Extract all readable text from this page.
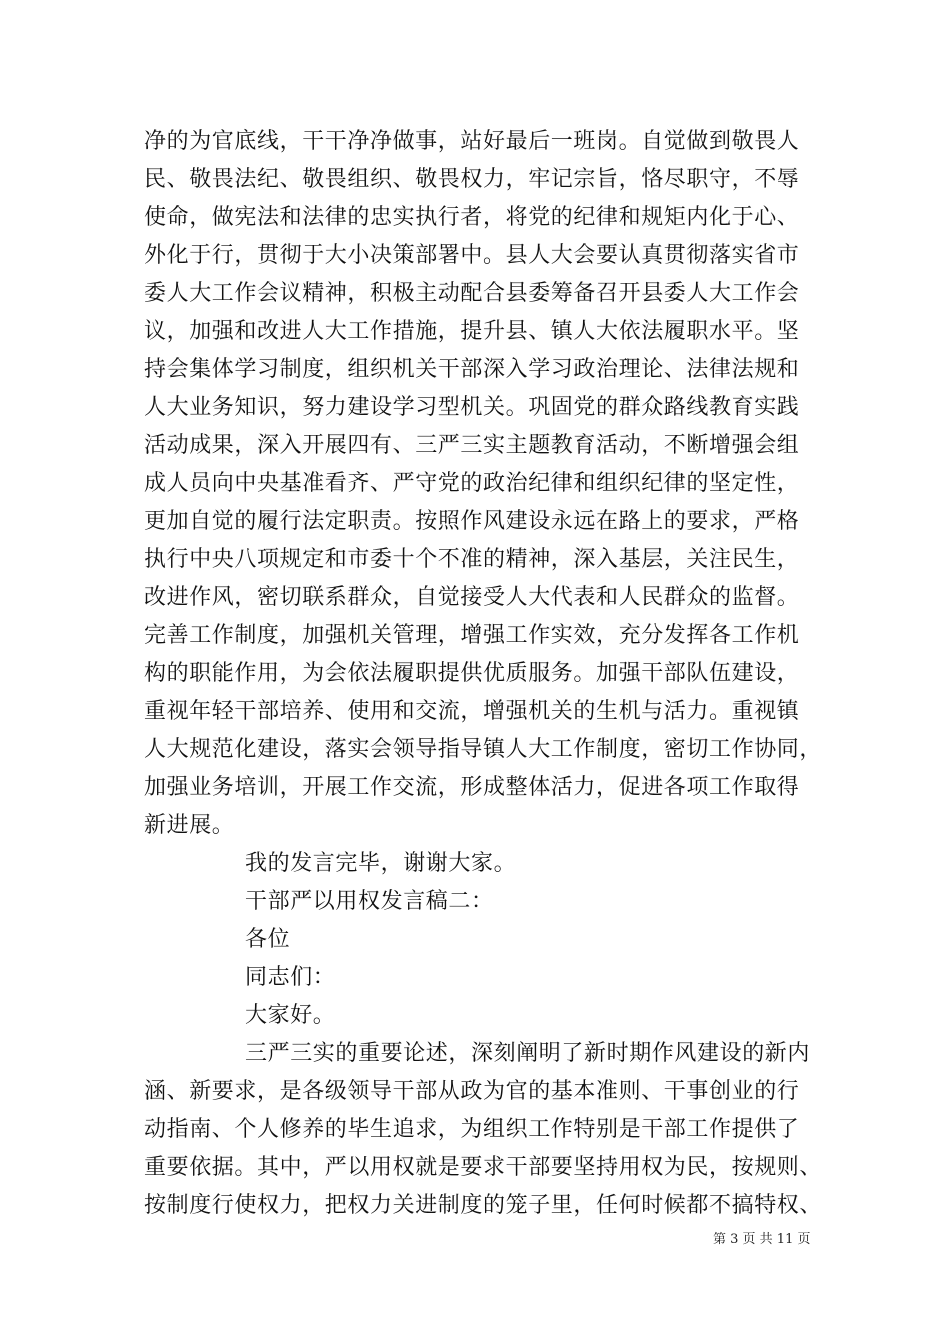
净的为官底线，干干净净做事，站好最后一班岗。自觉做到敬畏人
民、敬畏法纪、敬畏组织、敬畏权力，牢记宗旨，恪尽职守，不辱
使命，做宪法和法律的忠实执行者，将党的纪律和规矩内化于心、
外化于行，贯彻于大小决策部署中。县人大会要认真贯彻落实省市
委人大工作会议精神，积极主动配合县委筹备召开县委人大工作会
议，加强和改进人大工作措施，提升县、镇人大依法履职水平。坚
持会集体学习制度，组织机关干部深入学习政治理论、法律法规和
人大业务知识，努力建设学习型机关。巩固党的群众路线教育实践
活动成果，深入开展四有、三严三实主题教育活动，不断增强会组
成人员向中央基准看齐、严守党的政治纪律和组织纪律的坚定性，
更加自觉的履行法定职责。按照作风建设永远在路上的要求，严格
执行中央八项规定和市委十个不准的精神，深入基层，关注民生，
改进作风，密切联系群众，自觉接受人大代表和人民群众的监督。
完善工作制度，加强机关管理，增强工作实效，充分发挥各工作机
构的职能作用，为会依法履职提供优质服务。加强干部队伍建设，
重视年轻干部培养、使用和交流，增强机关的生机与活力。重视镇
人大规范化建设，落实会领导指导镇人大工作制度，密切工作协同，
加强业务培训，开展工作交流，形成整体活力，促进各项工作取得
新进展。
我的发言完毕，谢谢大家。
干部严以用权发言稿二：
各位
同志们：
大家好。
三严三实的重要论述，深刻阐明了新时期作风建设的新内
涵、新要求，是各级领导干部从政为官的基本准则、干事创业的行
动指南、个人修养的毕生追求，为组织工作特别是干部工作提供了
重要依据。其中，严以用权就是要求干部要坚持用权为民，按规则、
按制度行使权力，把权力关进制度的笼子里，任何时候都不搞特权、
第 3 页 共 11 页
